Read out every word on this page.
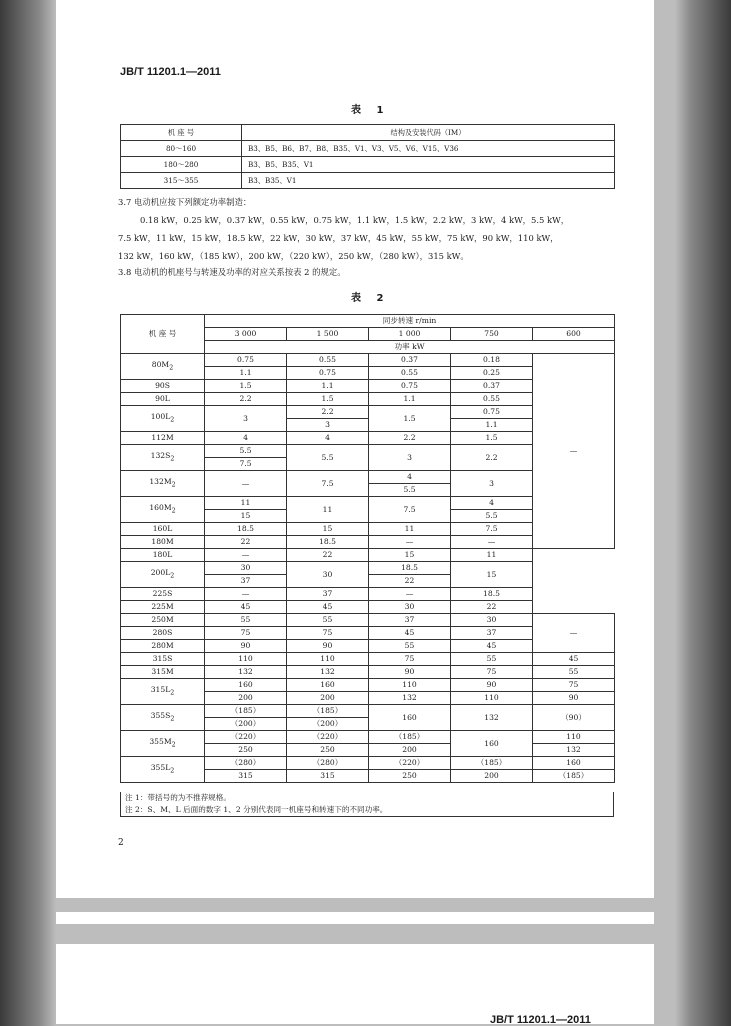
JB/T 11201.1—2011
表 1
机 座 号	结构及安装代码（IM）
80～160	B3、B5、B6、B7、B8、B35、V1、V3、V5、V6、V15、V36
180～280	B3、B5、B35、V1
315～355	B3、B35、V1
3.7 电动机应按下列额定功率制造：
0.18 kW，0.25 kW，0.37 kW，0.55 kW，0.75 kW，1.1 kW，1.5 kW，2.2 kW，3 kW，4 kW，5.5 kW，
7.5 kW，11 kW，15 kW，18.5 kW，22 kW，30 kW，37 kW，45 kW，55 kW，75 kW，90 kW，110 kW，
132 kW，160 kW，（185 kW），200 kW，（220 kW），250 kW，（280 kW），315 kW。
3.8 电动机的机座号与转速及功率的对应关系按表 2 的规定。
表 2
机 座 号	同步转速 r/min				
	3 000	1 500	1 000	750	600
	功率 kW				
$80M_2$	0.75	0.55	0.37	0.18	—
	1.1	0.75	0.55	0.25	
90S	1.5	1.1	0.75	0.37	
90L	2.2	1.5	1.1	0.55	
$100L_2$	3	2.2	1.5	0.75	
		3		1.1	
112M	4	4	2.2	1.5	
$132S_2$	5.5	5.5	3	2.2	
	7.5				
$132M_2$	—	7.5	4	3	
			5.5		
$160M_2$	11	11	7.5	4	
	15			5.5	
160L	18.5	15	11	7.5	
180M	22	18.5	—	—	
180L	—	22	15	11	
$200L_2$	30	30	18.5	15	
	37		22		
225S	—	37	—	18.5	
225M	45	45	30	22	
250M	55	55	37	30	—
280S	75	75	45	37	
280M	90	90	55	45	
315S	110	110	75	55	45
315M	132	132	90	75	55
$315L_2$	160	160	110	90	75
	200	200	132	110	90
$355S_2$	（185）	（185）	160	132	（90）
	（200）	（200）			
$355M_2$	（220）	（220）	（185）	160	110
	250	250	200		132
$355L_2$	（280）	（280）	（220）	（185）	160
	315	315	250	200	（185）
注 1：带括号的为不推荐规格。
注 2：S、M、L 后面的数字 1、2 分别代表同一机座号和转速下的不同功率。
2
JB/T 11201.1—2011
